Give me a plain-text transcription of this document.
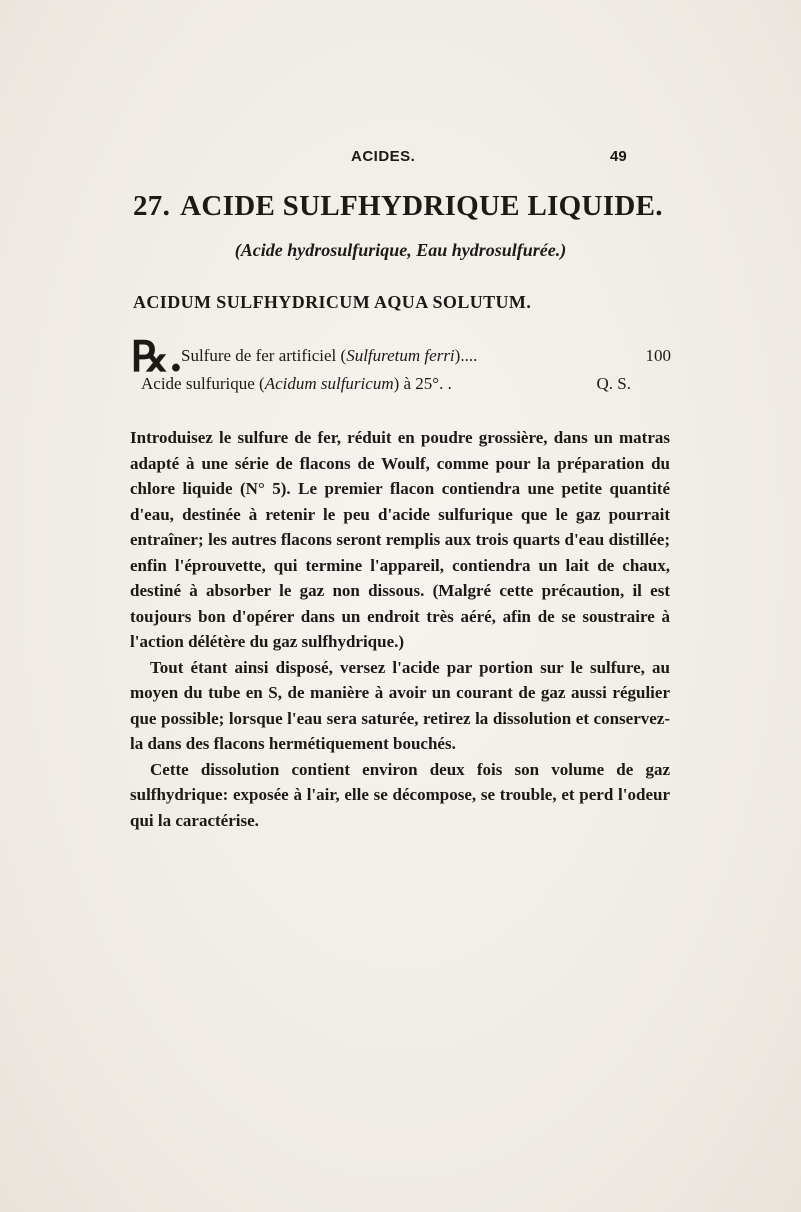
ACIDES.	49
27. ACIDE SULFHYDRIQUE LIQUIDE.
(Acide hydrosulfurique, Eau hydrosulfurée.)
ACIDUM SULFHYDRICUM AQUA SOLUTUM.
℞.
Sulfure de fer artificiel (Sulfuretum ferri)....	100
Acide sulfurique (Acidum sulfuricum) à 25°. .	Q. S.

Introduisez le sulfure de fer, réduit en poudre grossière, dans un matras adapté à une série de flacons de Woulf, comme pour la préparation du chlore liquide (N° 5). Le premier flacon contiendra une petite quantité d'eau, destinée à retenir le peu d'acide sulfurique que le gaz pourrait entraîner; les autres flacons seront remplis aux trois quarts d'eau distillée; enfin l'éprouvette, qui termine l'appareil, contiendra un lait de chaux, destiné à absorber le gaz non dissous. (Malgré cette précaution, il est toujours bon d'opérer dans un endroit très aéré, afin de se soustraire à l'action délétère du gaz sulfhydrique.)

Tout étant ainsi disposé, versez l'acide par portion sur le sulfure, au moyen du tube en S, de manière à avoir un courant de gaz aussi régulier que possible; lorsque l'eau sera saturée, retirez la dissolution et conservez-la dans des flacons hermétiquement bouchés.

Cette dissolution contient environ deux fois son volume de gaz sulfhydrique: exposée à l'air, elle se décompose, se trouble, et perd l'odeur qui la caractérise.
